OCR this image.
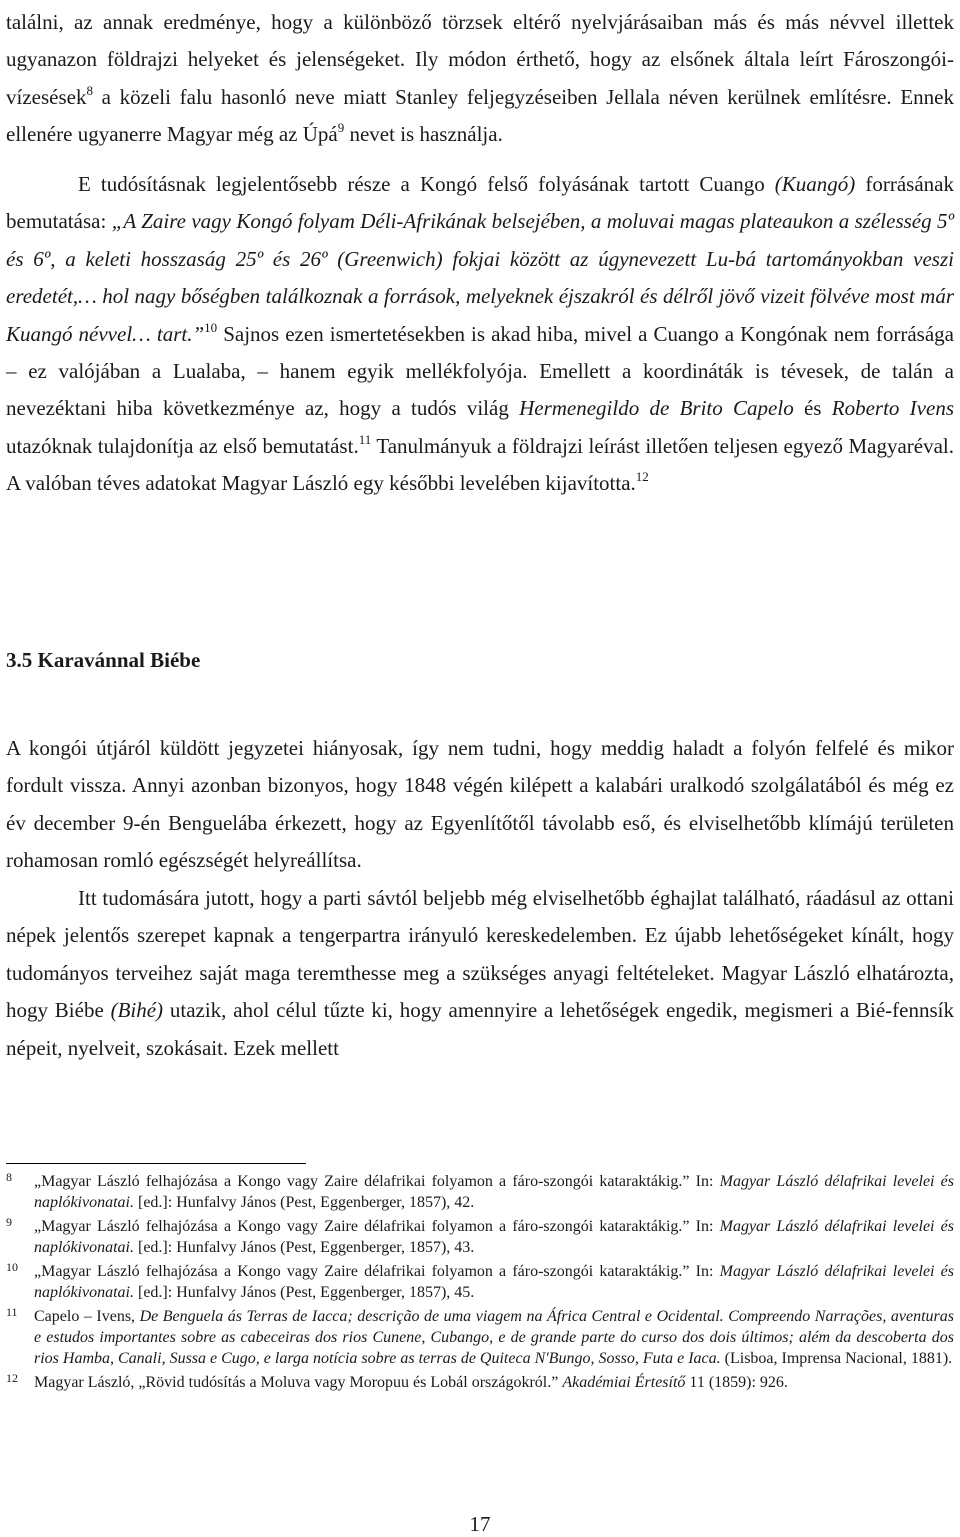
találni, az annak eredménye, hogy a különböző törzsek eltérő nyelvjárásaiban más és más névvel illettek ugyanazon földrajzi helyeket és jelenségeket. Ily módon érthető, hogy az elsőnek általa leírt Fároszongói-vízesések$^8$ a közeli falu hasonló neve miatt Stanley feljegyzéseiben Jellala néven kerülnek említésre. Ennek ellenére ugyanerre Magyar még az Úpá$^9$ nevet is használja.

E tudósításnak legjelentősebb része a Kongó felső folyásának tartott Cuango (Kuangó) forrásának bemutatása: „A Zaire vagy Kongó folyam Déli-Afrikának belsejében, a moluvai magas plateaukon a szélesség 5º és 6º, a keleti hosszaság 25º és 26º (Greenwich) fokjai között az úgynevezett Lu-bá tartományokban veszi eredetét,… hol nagy bőségben találkoznak a források, melyeknek éjszakról és délről jövő vizeit fölvéve most már Kuangó névvel… tart.”$^{10}$ Sajnos ezen ismertetésekben is akad hiba, mivel a Cuango a Kongónak nem forrásága – ez valójában a Lualaba, – hanem egyik mellékfolyója. Emellett a koordináták is tévesek, de talán a nevezéktani hiba következménye az, hogy a tudós világ Hermenegildo de Brito Capelo és Roberto Ivens utazóknak tulajdonítja az első bemutatást.$^{11}$ Tanulmányuk a földrajzi leírást illetően teljesen egyező Magyaréval. A valóban téves adatokat Magyar László egy későbbi levelében kijavította.$^{12}$

3.5 Karavánnal Biébe

A kongói útjáról küldött jegyzetei hiányosak, így nem tudni, hogy meddig haladt a folyón felfelé és mikor fordult vissza. Annyi azonban bizonyos, hogy 1848 végén kilépett a kalabári uralkodó szolgálatából és még ez év december 9-én Benguelába érkezett, hogy az Egyenlítőtől távolabb eső, és elviselhetőbb klímájú területen rohamosan romló egészségét helyreállítsa.

Itt tudomására jutott, hogy a parti sávtól beljebb még elviselhetőbb éghajlat található, ráadásul az ottani népek jelentős szerepet kapnak a tengerpartra irányuló kereskedelemben. Ez újabb lehetőségeket kínált, hogy tudományos terveihez saját maga teremthesse meg a szükséges anyagi feltételeket. Magyar László elhatározta, hogy Biébe (Bihé) utazik, ahol célul tűzte ki, hogy amennyire a lehetőségek engedik, megismeri a Bié-fennsík népeit, nyelveit, szokásait. Ezek mellett

8 „Magyar László felhajózása a Kongo vagy Zaire délafrikai folyamon a fáro-szongói kataraktákig.” In: Magyar László délafrikai levelei és naplókivonatai. [ed.]: Hunfalvy János (Pest, Eggenberger, 1857), 42.

9 „Magyar László felhajózása a Kongo vagy Zaire délafrikai folyamon a fáro-szongói kataraktákig.” In: Magyar László délafrikai levelei és naplókivonatai. [ed.]: Hunfalvy János (Pest, Eggenberger, 1857), 43.

10 „Magyar László felhajózása a Kongo vagy Zaire délafrikai folyamon a fáro-szongói kataraktákig.” In: Magyar László délafrikai levelei és naplókivonatai. [ed.]: Hunfalvy János (Pest, Eggenberger, 1857), 45.

11 Capelo – Ivens, De Benguela ás Terras de Iacca; descrição de uma viagem na África Central e Ocidental. Compreendo Narrações, aventuras e estudos importantes sobre as cabeceiras dos rios Cunene, Cubango, e de grande parte do curso dos dois últimos; além da descoberta dos rios Hamba, Canali, Sussa e Cugo, e larga notícia sobre as terras de Quiteca N'Bungo, Sosso, Futa e Iaca. (Lisboa, Imprensa Nacional, 1881).

12 Magyar László, „Rövid tudósítás a Moluva vagy Moropuu és Lobál országokról.” Akadémiai Értesítő 11 (1859): 926.

17
